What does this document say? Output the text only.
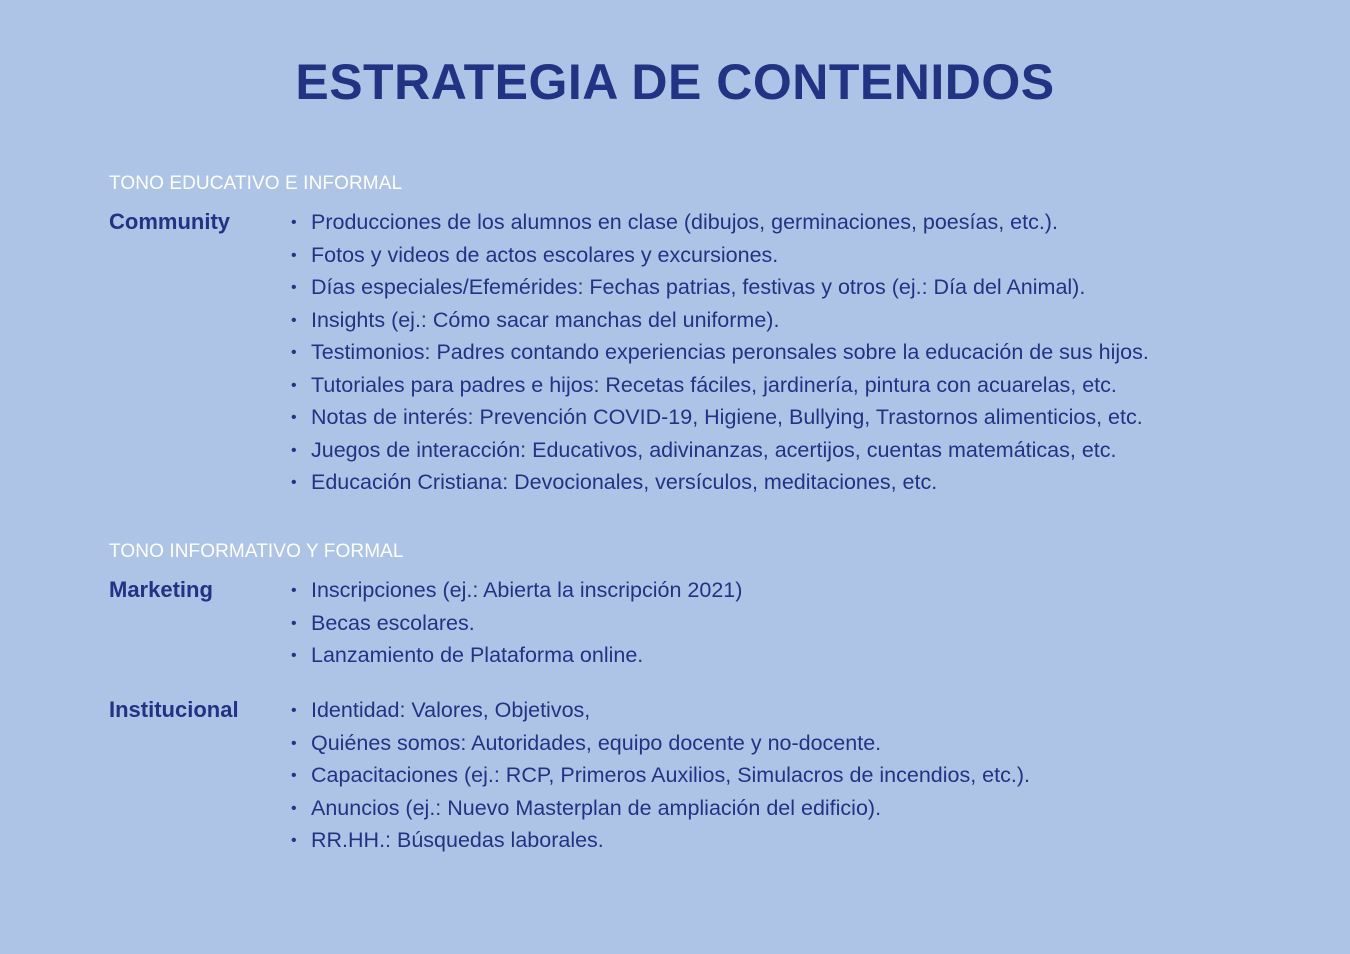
ESTRATEGIA DE CONTENIDOS
TONO EDUCATIVO E INFORMAL
Community	• Producciones de los alumnos en clase (dibujos, germinaciones, poesías, etc.).
• Fotos y videos de actos escolares y excursiones.
• Días especiales/Efemérides: Fechas patrias, festivas y otros (ej.: Día del Animal).
• Insights (ej.: Cómo sacar manchas del uniforme).
• Testimonios: Padres contando experiencias peronsales sobre la educación de sus hijos.
• Tutoriales para padres e hijos: Recetas fáciles, jardinería, pintura con acuarelas, etc.
• Notas de interés: Prevención COVID-19, Higiene, Bullying, Trastornos alimenticios, etc.
• Juegos de interacción: Educativos, adivinanzas, acertijos, cuentas matemáticas, etc.
• Educación Cristiana: Devocionales, versículos, meditaciones, etc.
TONO INFORMATIVO Y FORMAL
Marketing	• Inscripciones (ej.: Abierta la inscripción 2021)
• Becas escolares.
• Lanzamiento de Plataforma online.
Institucional	• Identidad: Valores, Objetivos,
• Quiénes somos: Autoridades, equipo docente y no-docente.
• Capacitaciones (ej.: RCP, Primeros Auxilios, Simulacros de incendios, etc.).
• Anuncios (ej.: Nuevo Masterplan de ampliación del edificio).
• RR.HH.: Búsquedas laborales.
